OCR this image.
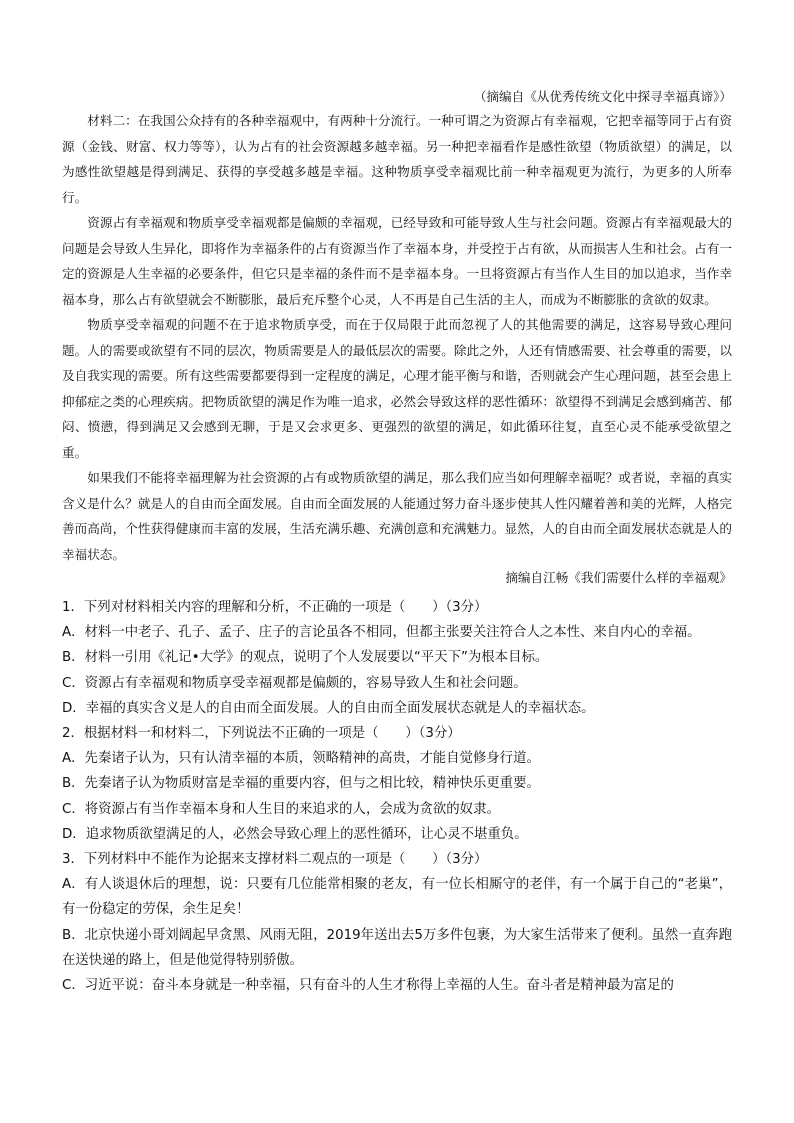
（摘编自《从优秀传统文化中探寻幸福真谛》）

材料二：在我国公众持有的各种幸福观中，有两种十分流行。一种可谓之为资源占有幸福观，它把幸福等同于占有资源（金钱、财富、权力等等），认为占有的社会资源越多越幸福。另一种把幸福看作是感性欲望（物质欲望）的满足，以为感性欲望越是得到满足、获得的享受越多越是幸福。这种物质享受幸福观比前一种幸福观更为流行，为更多的人所奉行。

资源占有幸福观和物质享受幸福观都是偏颇的幸福观，已经导致和可能导致人生与社会问题。资源占有幸福观最大的问题是会导致人生异化，即将作为幸福条件的占有资源当作了幸福本身，并受控于占有欲，从而损害人生和社会。占有一定的资源是人生幸福的必要条件，但它只是幸福的条件而不是幸福本身。一旦将资源占有当作人生目的加以追求，当作幸福本身，那么占有欲望就会不断膨胀，最后充斥整个心灵，人不再是自己生活的主人，而成为不断膨胀的贪欲的奴隶。

物质享受幸福观的问题不在于追求物质享受，而在于仅局限于此而忽视了人的其他需要的满足，这容易导致心理问题。人的需要或欲望有不同的层次，物质需要是人的最低层次的需要。除此之外，人还有情感需要、社会尊重的需要，以及自我实现的需要。所有这些需要都要得到一定程度的满足，心理才能平衡与和谐，否则就会产生心理问题，甚至会患上抑郁症之类的心理疾病。把物质欲望的满足作为唯一追求，必然会导致这样的恶性循环：欲望得不到满足会感到痛苦、郁闷、愤懑，得到满足又会感到无聊，于是又会求更多、更强烈的欲望的满足，如此循环往复，直至心灵不能承受欲望之重。

如果我们不能将幸福理解为社会资源的占有或物质欲望的满足，那么我们应当如何理解幸福呢？或者说，幸福的真实含义是什么？就是人的自由而全面发展。自由而全面发展的人能通过努力奋斗逐步使其人性闪耀着善和美的光辉，人格完善而高尚，个性获得健康而丰富的发展，生活充满乐趣、充满创意和充满魅力。显然，人的自由而全面发展状态就是人的幸福状态。

摘编自江畅《我们需要什么样的幸福观》

1．下列对材料相关内容的理解和分析，不正确的一项是（　　）（3分）

A．材料一中老子、孔子、孟子、庄子的言论虽各不相同，但都主张要关注符合人之本性、来自内心的幸福。

B．材料一引用《礼记•大学》的观点，说明了个人发展要以“平天下”为根本目标。

C．资源占有幸福观和物质享受幸福观都是偏颇的，容易导致人生和社会问题。

D．幸福的真实含义是人的自由而全面发展。人的自由而全面发展状态就是人的幸福状态。

2．根据材料一和材料二，下列说法不正确的一项是（　　）（3分）

A．先秦诸子认为，只有认清幸福的本质，领略精神的高贵，才能自觉修身行道。

B．先秦诸子认为物质财富是幸福的重要内容，但与之相比较，精神快乐更重要。

C．将资源占有当作幸福本身和人生目的来追求的人，会成为贪欲的奴隶。

D．追求物质欲望满足的人，必然会导致心理上的恶性循环，让心灵不堪重负。

3．下列材料中不能作为论据来支撑材料二观点的一项是（　　）（3分）

A．有人谈退休后的理想，说：只要有几位能常相聚的老友，有一位长相厮守的老伴，有一个属于自己的“老巢”，有一份稳定的劳保，余生足矣！

B．北京快递小哥刘阔起早贪黑、风雨无阻，2019年送出去5万多件包裹，为大家生活带来了便利。虽然一直奔跑在送快递的路上，但是他觉得特别骄傲。

C．习近平说：奋斗本身就是一种幸福，只有奋斗的人生才称得上幸福的人生。奋斗者是精神最为富足的
